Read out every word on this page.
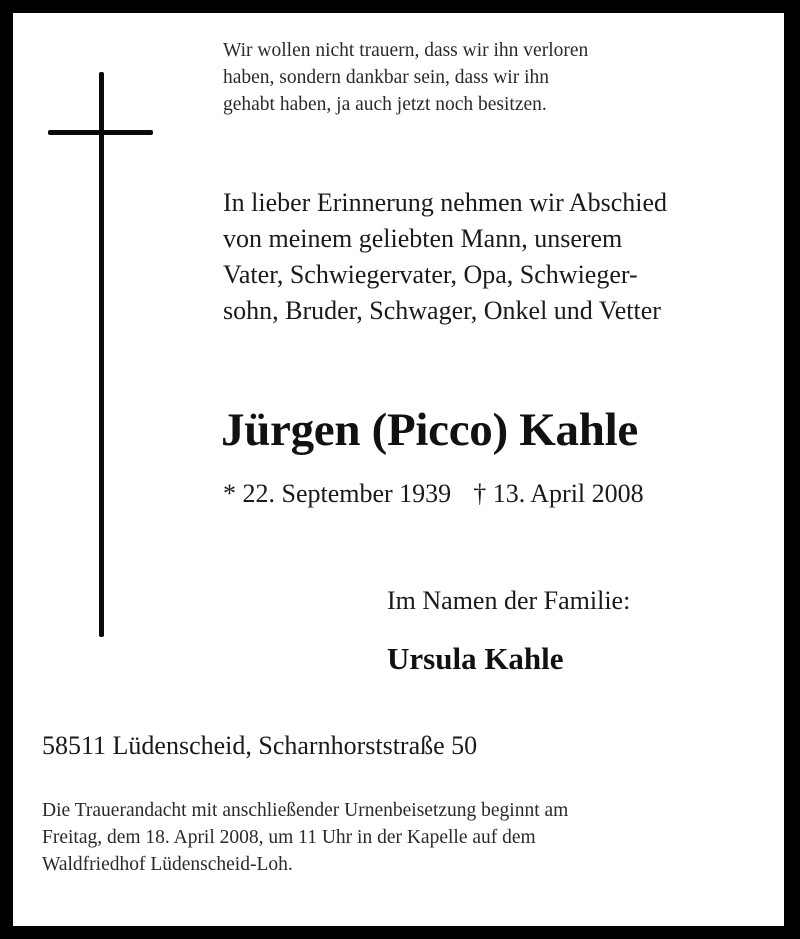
Wir wollen nicht trauern, dass wir ihn verloren
haben, sondern dankbar sein, dass wir ihn
gehabt haben, ja auch jetzt noch besitzen.
In lieber Erinnerung nehmen wir Abschied
von meinem geliebten Mann, unserem
Vater, Schwiegervater, Opa, Schwieger-
sohn, Bruder, Schwager, Onkel und Vetter
Jürgen (Picco) Kahle
* 22. September 1939 † 13. April 2008
Im Namen der Familie:
Ursula Kahle
58511 Lüdenscheid, Scharnhorststraße 50
Die Trauerandacht mit anschließender Urnenbeisetzung beginnt am
Freitag, dem 18. April 2008, um 11 Uhr in der Kapelle auf dem
Waldfriedhof Lüdenscheid-Loh.
